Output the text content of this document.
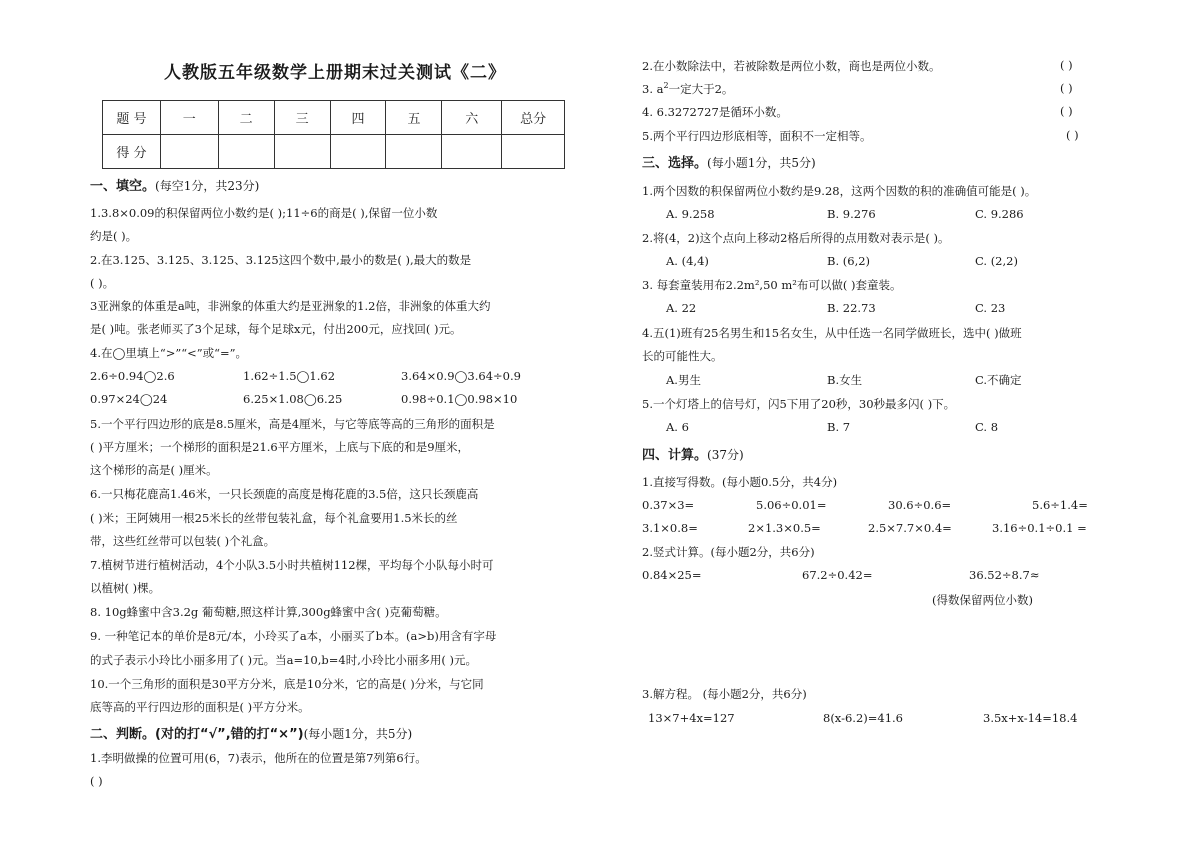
人教版五年级数学上册期末过关测试《二》
题 号	一	二	三	四	五	六	总分
得 分							
一、填空。(每空1分，共23分)
1.3.8×0.09的积保留两位小数约是( );11÷6的商是( ),保留一位小数
约是( )。
2.在3.125、3.125、3.125、3.125这四个数中,最小的数是( ),最大的数是
( )。
3亚洲象的体重是a吨，非洲象的体重大约是亚洲象的1.2倍，非洲象的体重大约
是( )吨。张老师买了3个足球，每个足球x元，付出200元，应找回( )元。
4.在◯里填上“>”“<”或“=”。
2.6÷0.94◯2.6	1.62÷1.5◯1.62	3.64×0.9◯3.64÷0.9
0.97×24◯24	6.25×1.08◯6.25	0.98÷0.1◯0.98×10
5.一个平行四边形的底是8.5厘米，高是4厘米，与它等底等高的三角形的面积是
( )平方厘米；一个梯形的面积是21.6平方厘米，上底与下底的和是9厘米，
这个梯形的高是( )厘米。
6.一只梅花鹿高1.46米，一只长颈鹿的高度是梅花鹿的3.5倍，这只长颈鹿高
( )米；王阿姨用一根25米长的丝带包装礼盒，每个礼盒要用1.5米长的丝
带，这些红丝带可以包装( )个礼盒。
7.植树节进行植树活动，4个小队3.5小时共植树112棵，平均每个小队每小时可
以植树( )棵。
8. 10g蜂蜜中含3.2g 葡萄糖,照这样计算,300g蜂蜜中含( )克葡萄糖。
9. 一种笔记本的单价是8元/本，小玲买了a本，小丽买了b本。(a>b)用含有字母
的式子表示小玲比小丽多用了( )元。当a=10,b=4时,小玲比小丽多用( )元。
10.一个三角形的面积是30平方分米，底是10分米，它的高是( )分米，与它同
底等高的平行四边形的面积是( )平方分米。
二、判断。(对的打“√”,错的打“×”)(每小题1分，共5分)
1.李明做操的位置可用(6，7)表示，他所在的位置是第7列第6行。
( )
2.在小数除法中，若被除数是两位小数，商也是两位小数。	( )
3. $a^2$一定大于2。	( )
4. 6.3272727是循环小数。	( )
5.两个平行四边形底相等，面积不一定相等。	( )
三、选择。(每小题1分，共5分)
1.两个因数的积保留两位小数约是9.28，这两个因数的积的准确值可能是( )。
A. 9.258	B. 9.276	C. 9.286
2.将(4，2)这个点向上移动2格后所得的点用数对表示是( )。
A. (4,4)	B. (6,2)	C. (2,2)
3. 每套童装用布2.2m²,50 m²布可以做( )套童装。
A. 22	B. 22.73	C. 23
4.五(1)班有25名男生和15名女生，从中任选一名同学做班长，选中( )做班
长的可能性大。
A.男生	B.女生	C.不确定
5.一个灯塔上的信号灯，闪5下用了20秒，30秒最多闪( )下。
A. 6	B. 7	C. 8
四、计算。(37分)
1.直接写得数。(每小题0.5分，共4分)
0.37×3=	5.06÷0.01=	30.6÷0.6=	5.6÷1.4=
3.1×0.8=	2×1.3×0.5=	2.5×7.7×0.4=	3.16÷0.1÷0.1 =
2.竖式计算。(每小题2分，共6分)
0.84×25=	67.2÷0.42=	36.52÷8.7≈
(得数保留两位小数)
3.解方程。 (每小题2分，共6分)
13×7+4x=127	8(x-6.2)=41.6	3.5x+x-14=18.4
